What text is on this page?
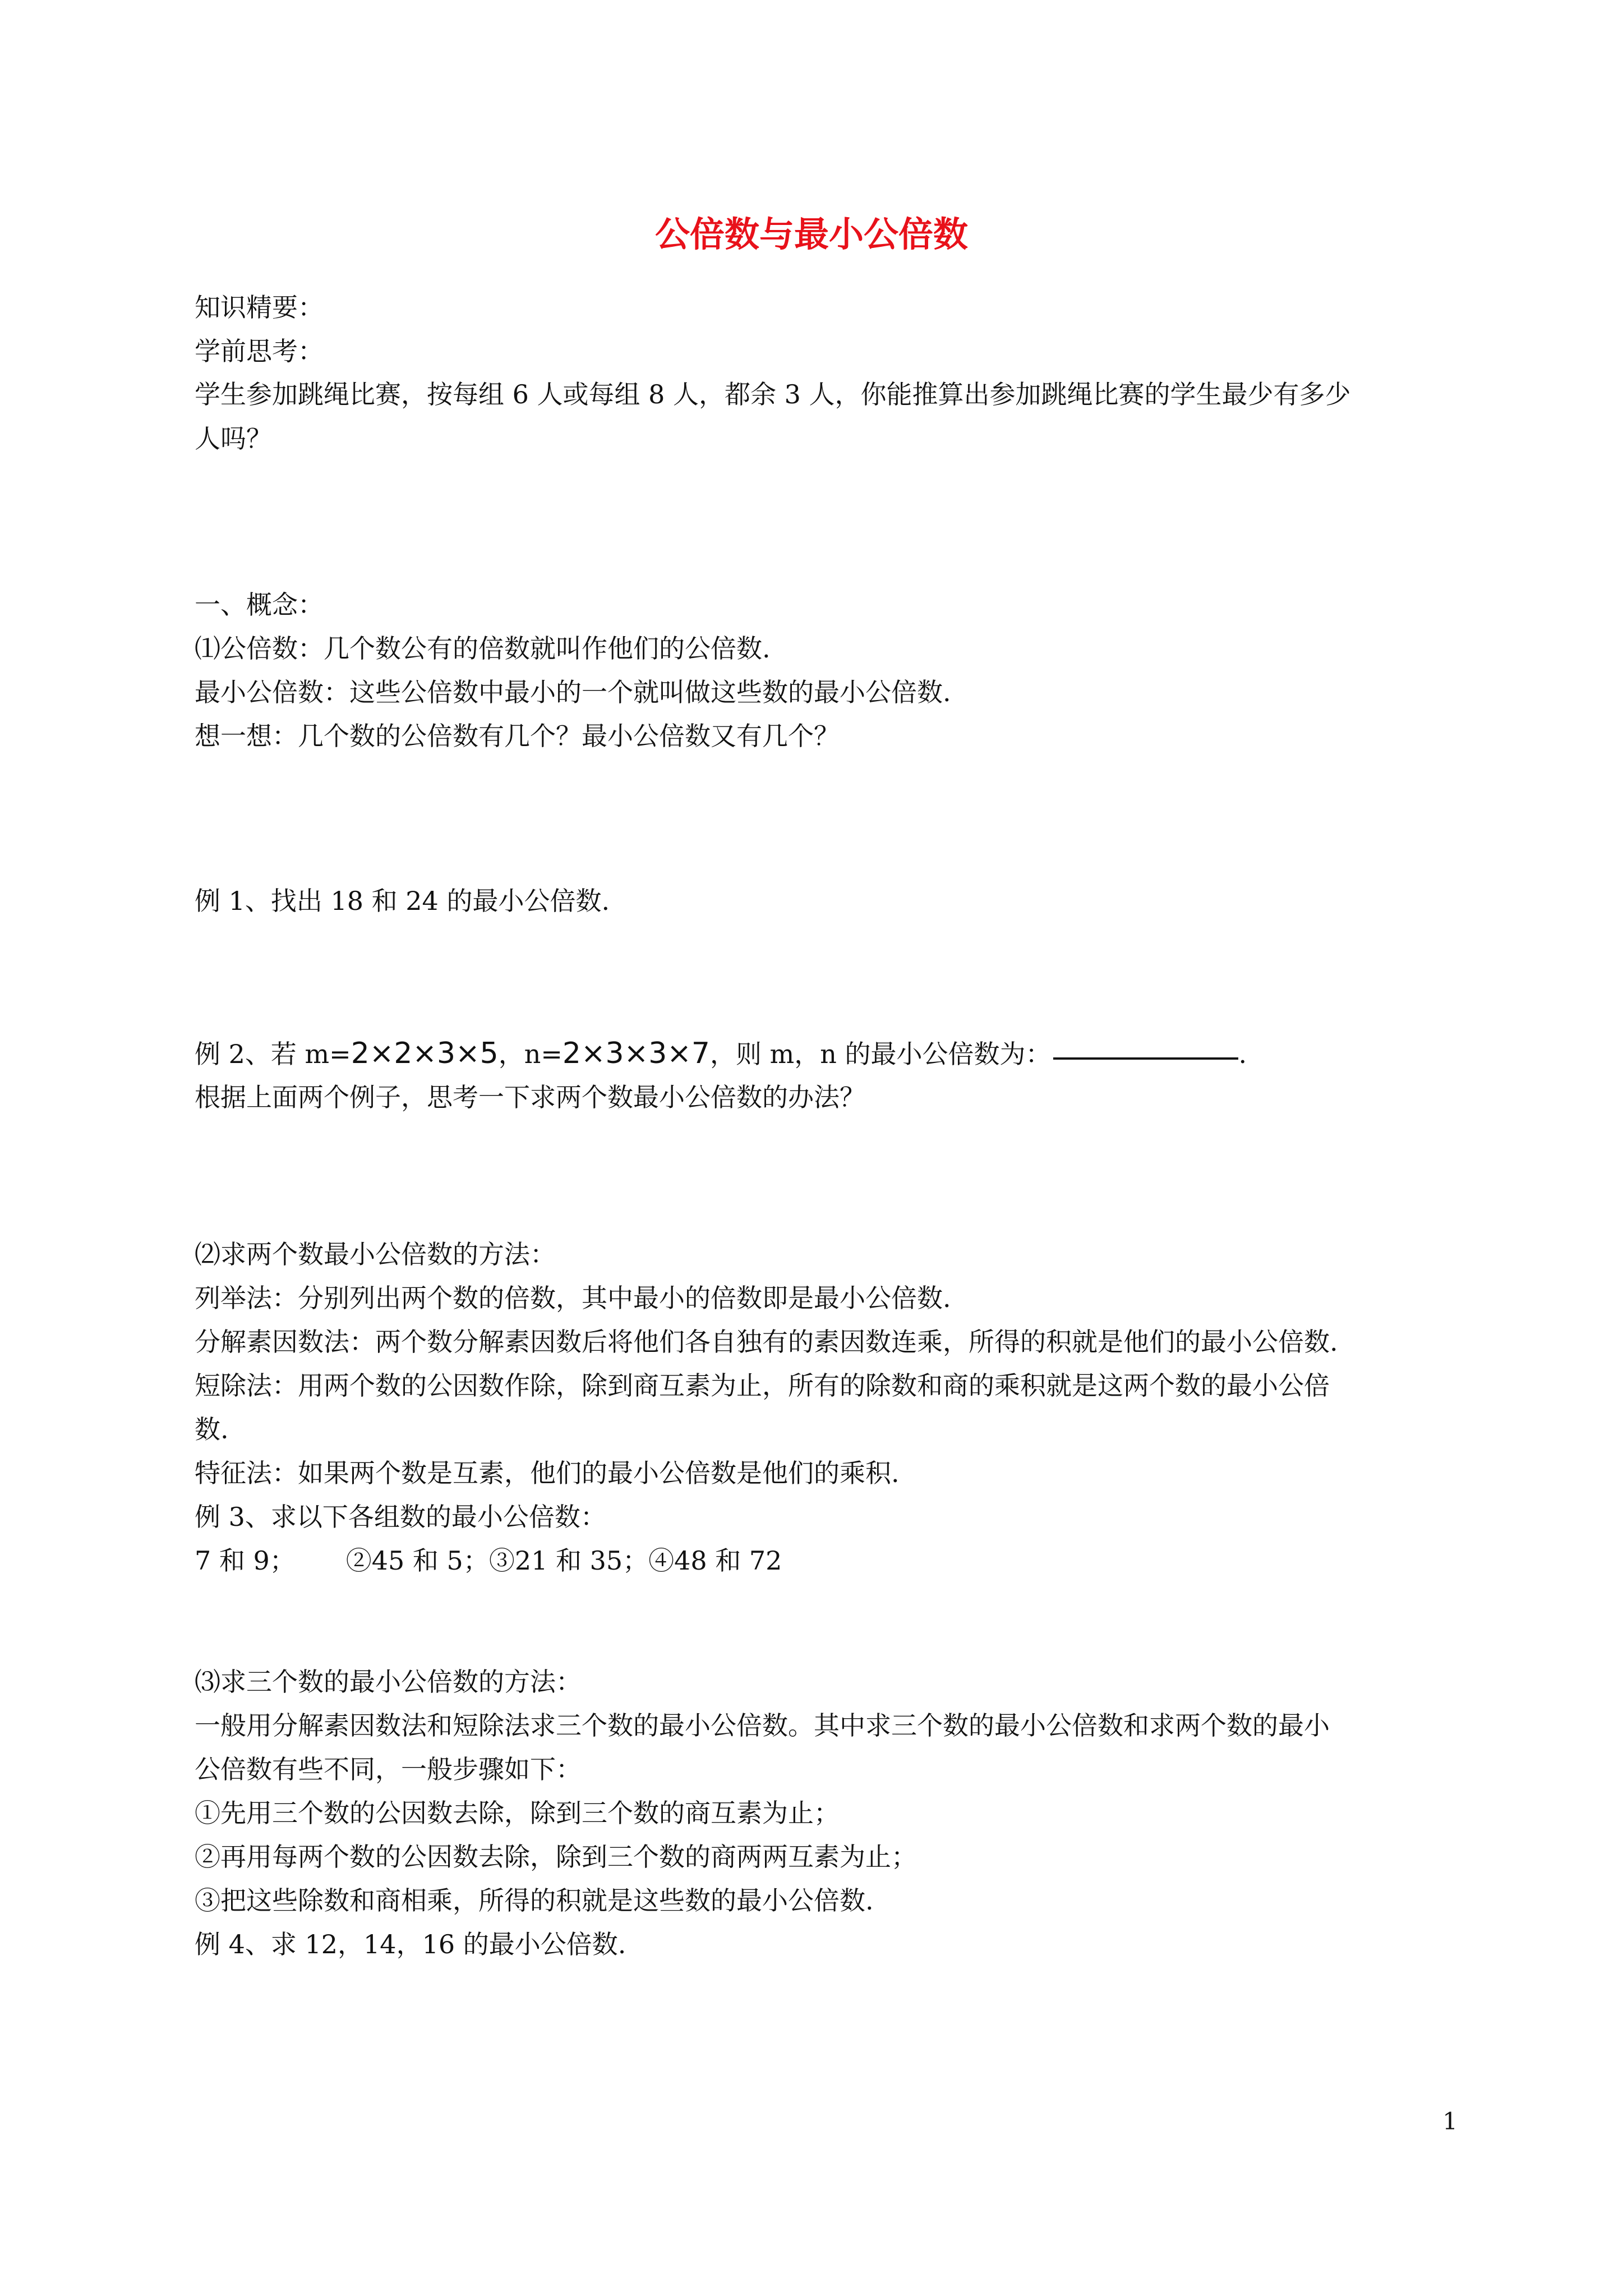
公倍数与最小公倍数
知识精要：
学前思考：
学生参加跳绳比赛，按每组 6 人或每组 8 人，都余 3 人，你能推算出参加跳绳比赛的学生最少有多少
人吗？
一、概念：
⑴公倍数：几个数公有的倍数就叫作他们的公倍数.
最小公倍数：这些公倍数中最小的一个就叫做这些数的最小公倍数.
想一想：几个数的公倍数有几个？最小公倍数又有几个？
例 1、找出 18 和 24 的最小公倍数.
例 2、若 m=2×2×3×5，n=2×3×3×7，则 m，n 的最小公倍数为：	.
根据上面两个例子，思考一下求两个数最小公倍数的办法？
⑵求两个数最小公倍数的方法：
列举法：分别列出两个数的倍数，其中最小的倍数即是最小公倍数.
分解素因数法：两个数分解素因数后将他们各自独有的素因数连乘，所得的积就是他们的最小公倍数.
短除法：用两个数的公因数作除，除到商互素为止，所有的除数和商的乘积就是这两个数的最小公倍
数.
特征法：如果两个数是互素，他们的最小公倍数是他们的乘积.
例 3、求以下各组数的最小公倍数：
7 和 9； ②45 和 5；③21 和 35；④48 和 72
⑶求三个数的最小公倍数的方法：
一般用分解素因数法和短除法求三个数的最小公倍数。其中求三个数的最小公倍数和求两个数的最小
公倍数有些不同，一般步骤如下：
①先用三个数的公因数去除，除到三个数的商互素为止；
②再用每两个数的公因数去除，除到三个数的商两两互素为止；
③把这些除数和商相乘，所得的积就是这些数的最小公倍数.
例 4、求 12，14，16 的最小公倍数.
1
